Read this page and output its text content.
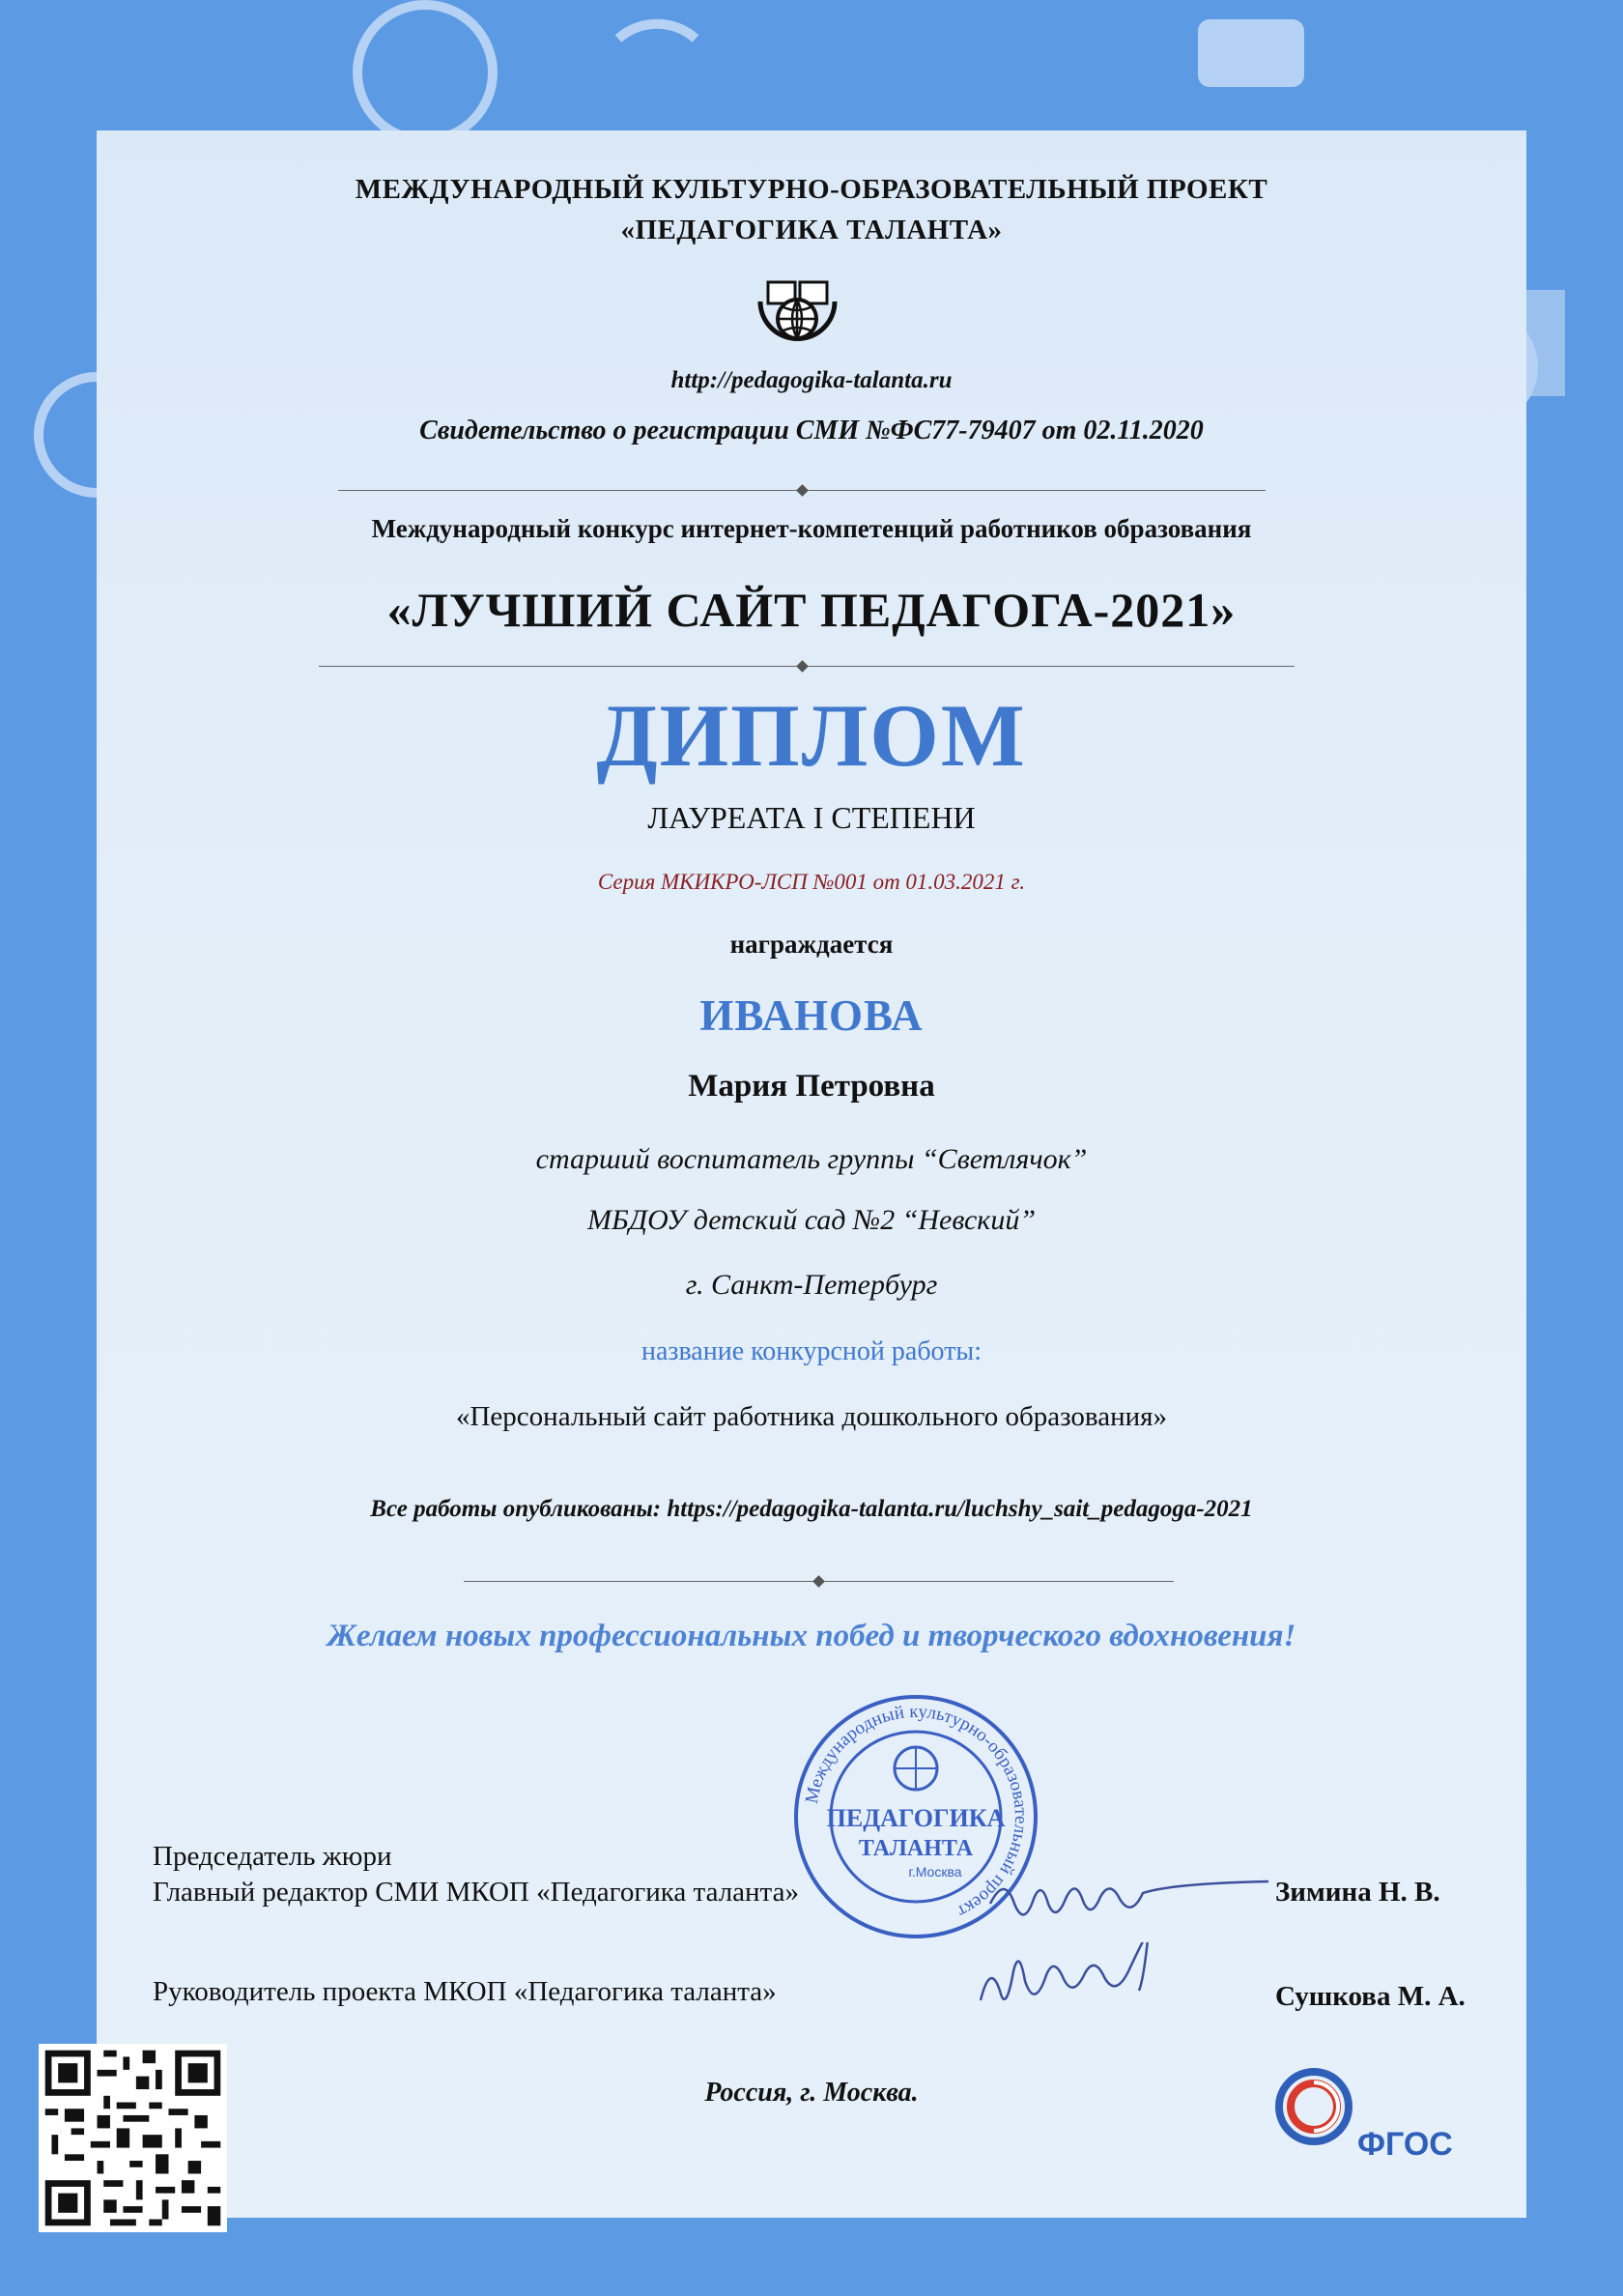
МЕЖДУНАРОДНЫЙ КУЛЬТУРНО-ОБРАЗОВАТЕЛЬНЫЙ ПРОЕКТ

«ПЕДАГОГИКА ТАЛАНТА»

http://pedagogika-talanta.ru

Свидетельство о регистрации СМИ №ФС77-79407 от 02.11.2020

Международный конкурс интернет-компетенций работников образования

«ЛУЧШИЙ САЙТ ПЕДАГОГА-2021»

ДИПЛОМ

ЛАУРЕАТА I СТЕПЕНИ

Серия МКИКРО-ЛСП №001 от 01.03.2021 г.

награждается

ИВАНОВА

Мария Петровна

старший воспитатель группы “Светлячок”

МБДОУ детский сад №2 “Невский”

г. Санкт-Петербург

название конкурсной работы:

«Персональный сайт работника дошкольного образования»

Все работы опубликованы: https://pedagogika-talanta.ru/luchshy_sait_pedagoga-2021

Желаем новых профессиональных побед и творческого вдохновения!

Председатель жюри

Главный редактор СМИ МКОП «Педагогика таланта»	Зимина Н. В.

Руководитель проекта МКОП «Педагогика таланта»	Сушкова М. А.

Международный культурно-образовательный проект
ПЕДАГОГИКА
ТАЛАНТА
г.Москва

Россия, г. Москва.

ФГОС
